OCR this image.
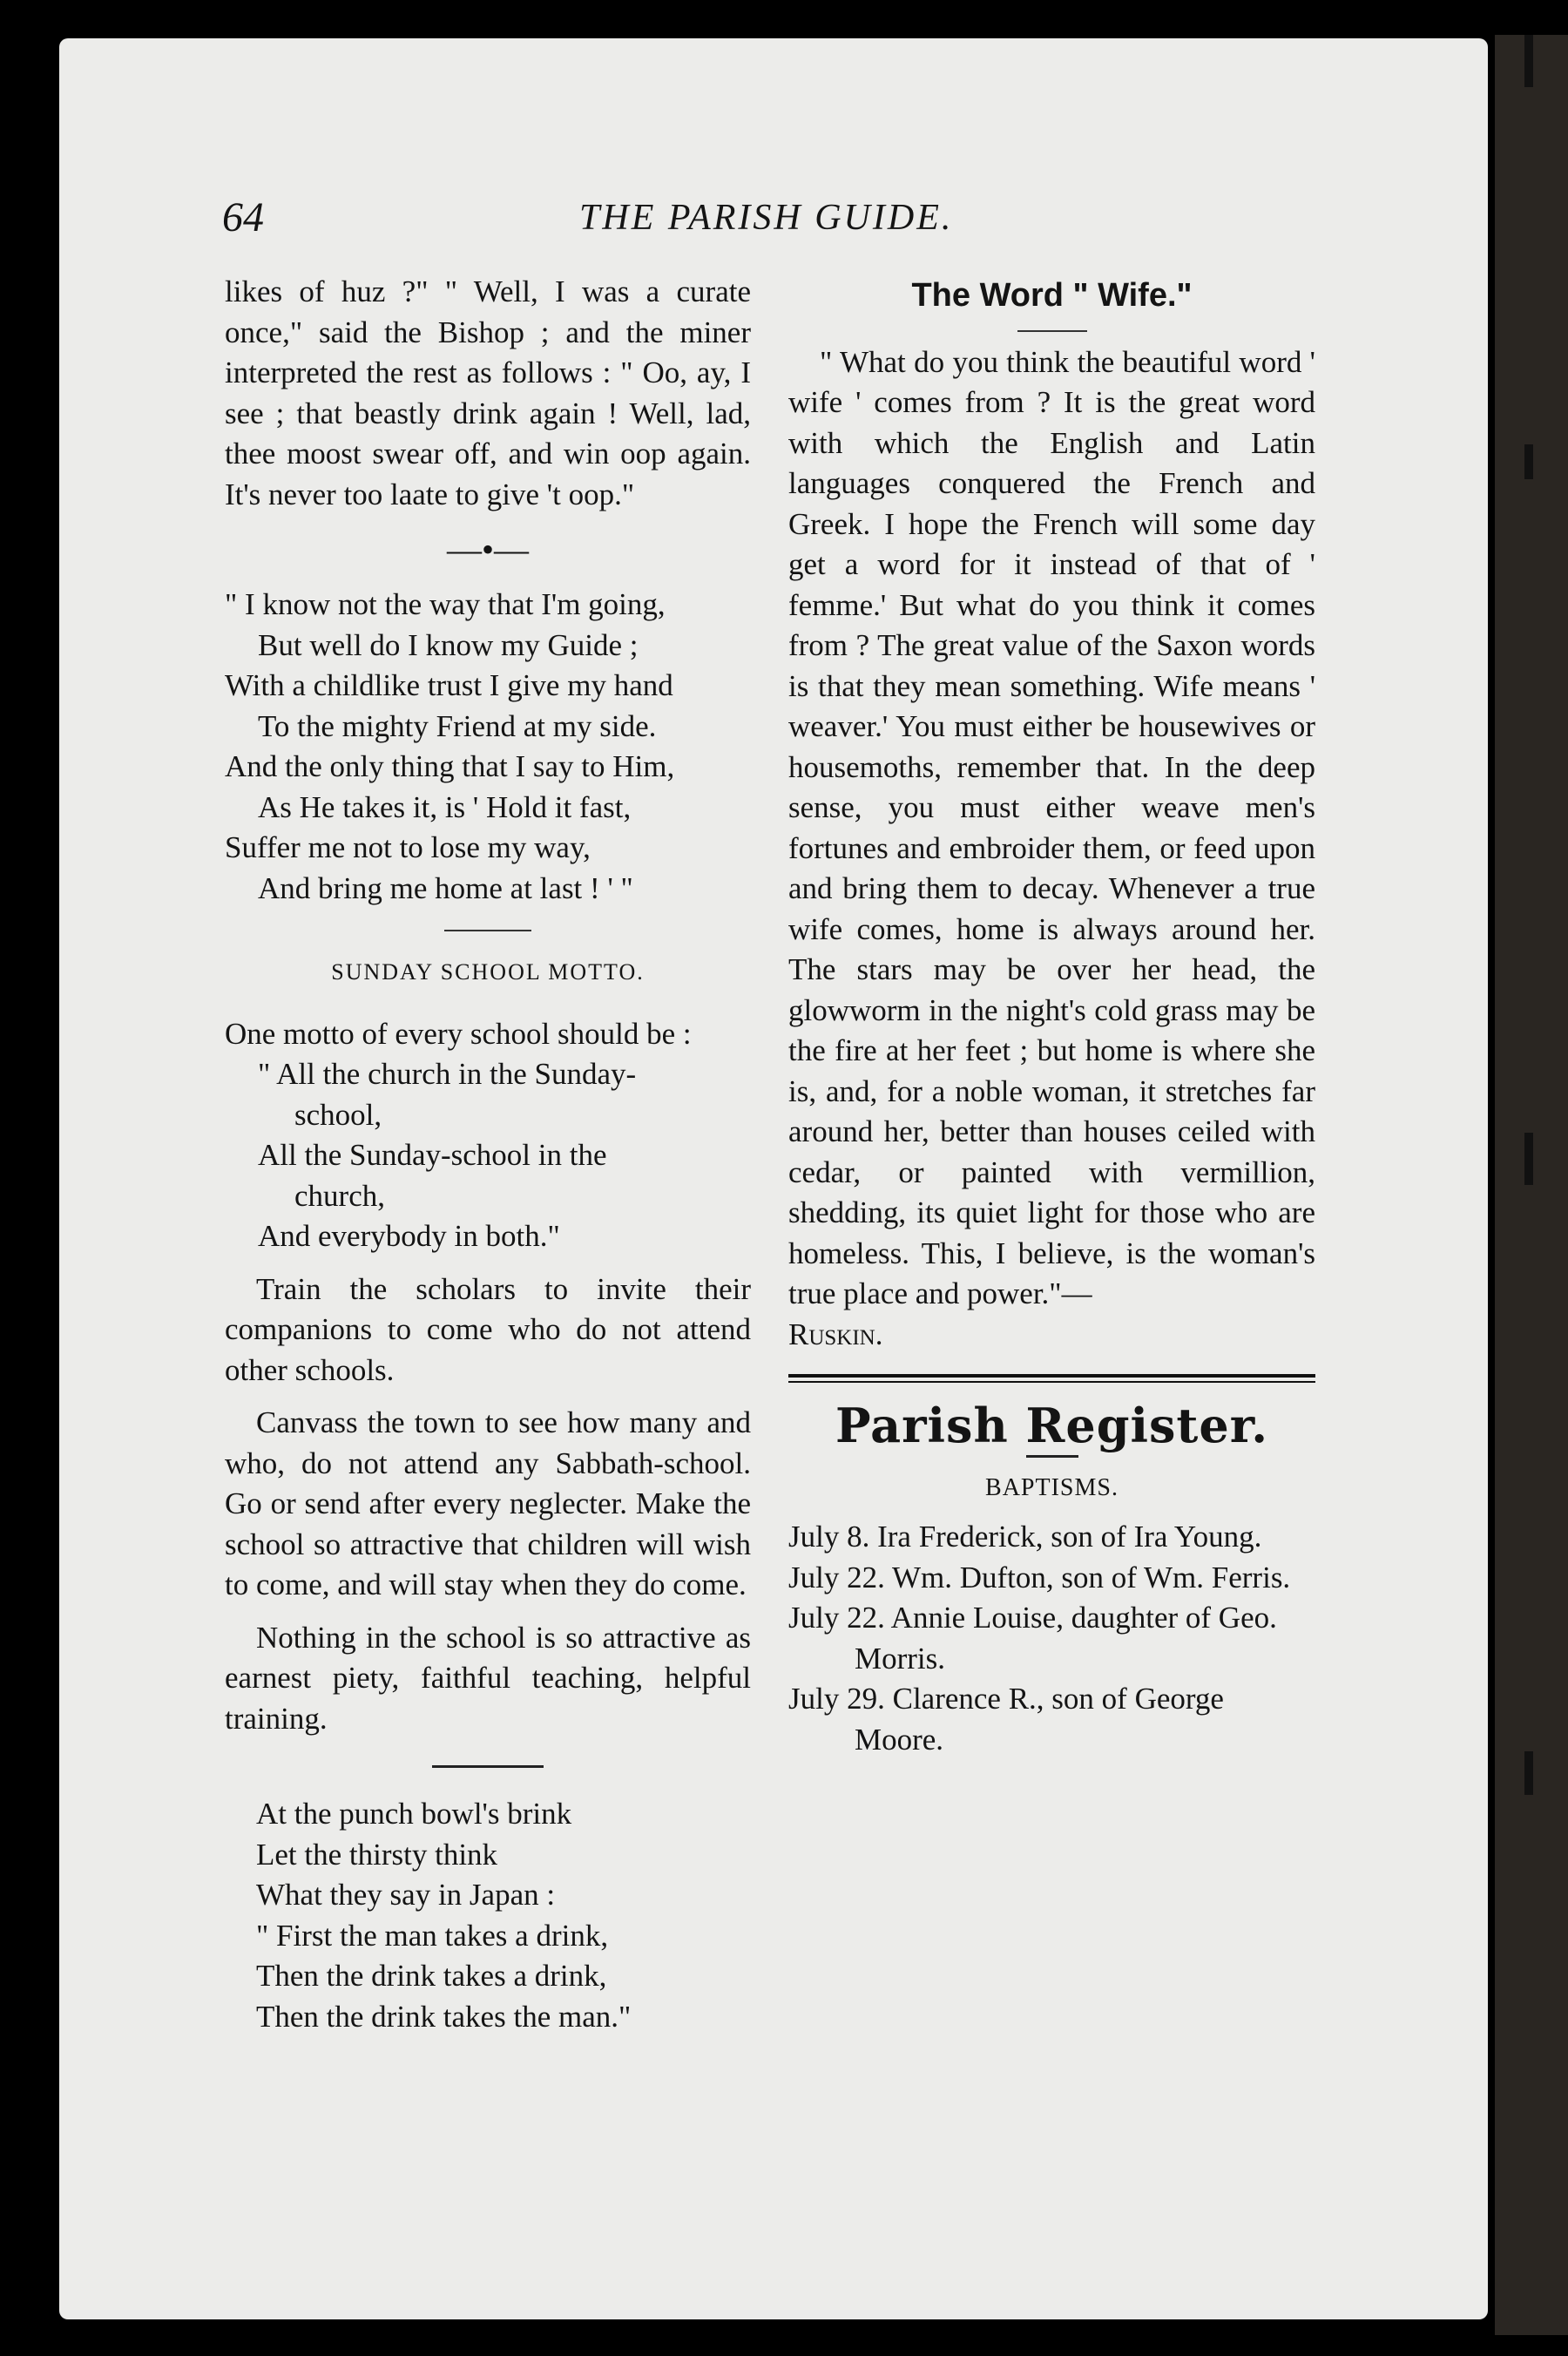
64	THE PARISH GUIDE.

likes of huz ?" " Well, I was a curate once," said the Bishop ; and the miner interpreted the rest as follows : " Oo, ay, I see ; that beastly drink again ! Well, lad, thee moost swear off, and win oop again. It's never too laate to give 't oop."

—•—
" I know not the way that I'm going,
But well do I know my Guide ;
With a childlike trust I give my hand
To the mighty Friend at my side.
And the only thing that I say to Him,
As He takes it, is ' Hold it fast,
Suffer me not to lose my way,
And bring me home at last ! ' "
SUNDAY SCHOOL MOTTO.
One motto of every school should be :
" All the church in the Sunday-
school,
All the Sunday-school in the
church,
And everybody in both."

Train the scholars to invite their companions to come who do not attend other schools.

Canvass the town to see how many and who, do not attend any Sabbath-school. Go or send after every neglecter. Make the school so attractive that children will wish to come, and will stay when they do come.

Nothing in the school is so attractive as earnest piety, faithful teaching, helpful training.

At the punch bowl's brink
Let the thirsty think
What they say in Japan :
" First the man takes a drink,
Then the drink takes a drink,
Then the drink takes the man."
The Word " Wife."

" What do you think the beautiful word ' wife ' comes from ? It is the great word with which the English and Latin languages conquered the French and Greek. I hope the French will some day get a word for it instead of that of ' femme.' But what do you think it comes from ? The great value of the Saxon words is that they mean something. Wife means ' weaver.' You must either be housewives or housemoths, remember that. In the deep sense, you must either weave men's fortunes and embroider them, or feed upon and bring them to decay. Whenever a true wife comes, home is always around her. The stars may be over her head, the glowworm in the night's cold grass may be the fire at her feet ; but home is where she is, and, for a noble woman, it stretches far around her, better than houses ceiled with cedar, or painted with vermillion, shedding, its quiet light for those who are homeless. This, I believe, is the woman's true place and power."—

Ruskin.
Parish Register.
BAPTISMS.

July 8. Ira Frederick, son of Ira Young.

July 22. Wm. Dufton, son of Wm. Ferris.

July 22. Annie Louise, daughter of Geo. Morris.

July 29. Clarence R., son of George Moore.
